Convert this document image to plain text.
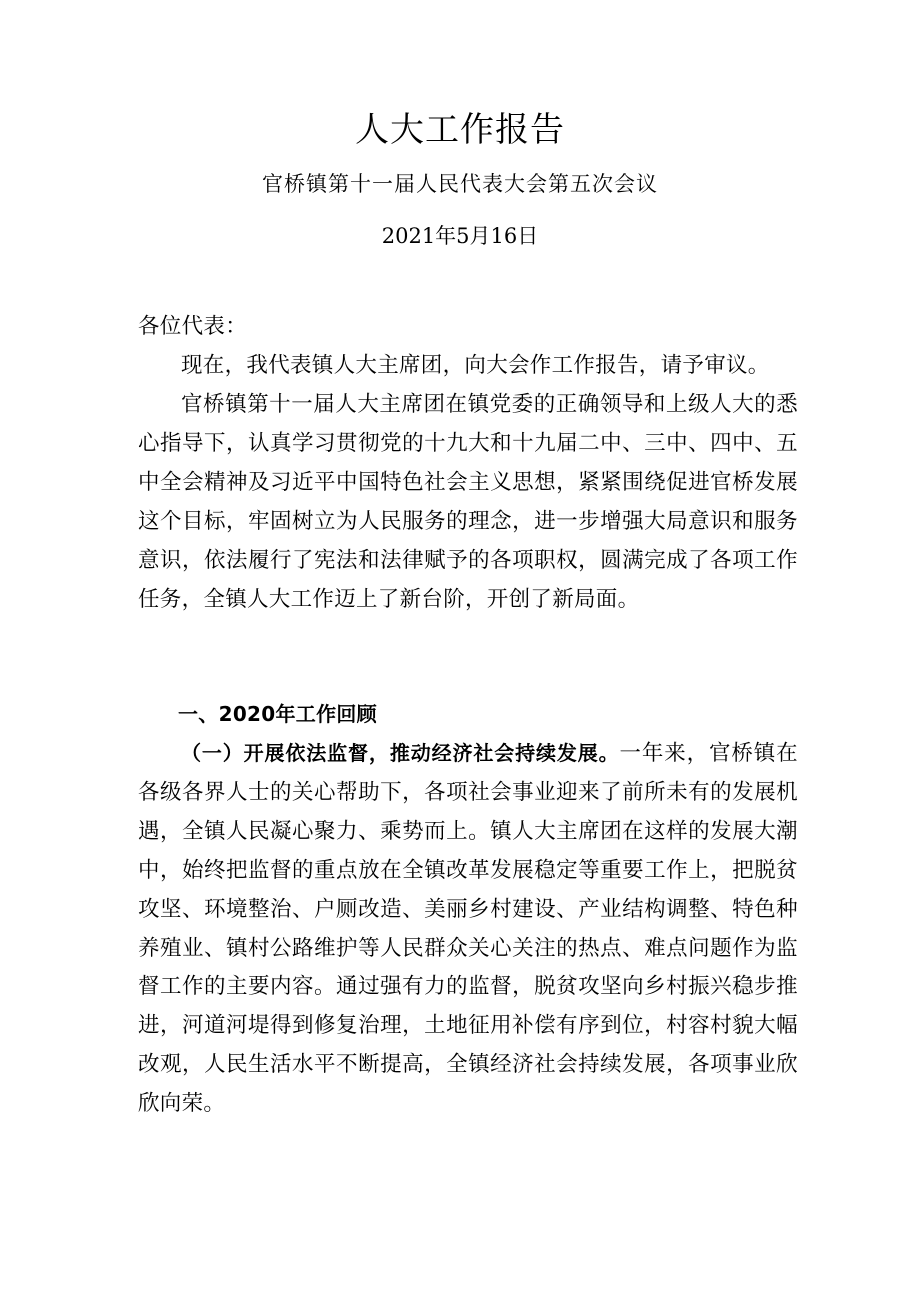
人大工作报告
官桥镇第十一届人民代表大会第五次会议
2021年5月16日
各位代表：

现在，我代表镇人大主席团，向大会作工作报告，请予审议。

官桥镇第十一届人大主席团在镇党委的正确领导和上级人大的悉心指导下，认真学习贯彻党的十九大和十九届二中、三中、四中、五中全会精神及习近平中国特色社会主义思想，紧紧围绕促进官桥发展这个目标，牢固树立为人民服务的理念，进一步增强大局意识和服务意识，依法履行了宪法和法律赋予的各项职权，圆满完成了各项工作任务，全镇人大工作迈上了新台阶，开创了新局面。

一、2020年工作回顾

（一）开展依法监督，推动经济社会持续发展。一年来，官桥镇在各级各界人士的关心帮助下，各项社会事业迎来了前所未有的发展机遇，全镇人民凝心聚力、乘势而上。镇人大主席团在这样的发展大潮中，始终把监督的重点放在全镇改革发展稳定等重要工作上，把脱贫攻坚、环境整治、户厕改造、美丽乡村建设、产业结构调整、特色种养殖业、镇村公路维护等人民群众关心关注的热点、难点问题作为监督工作的主要内容。通过强有力的监督，脱贫攻坚向乡村振兴稳步推进，河道河堤得到修复治理，土地征用补偿有序到位，村容村貌大幅改观，人民生活水平不断提高，全镇经济社会持续发展，各项事业欣欣向荣。
